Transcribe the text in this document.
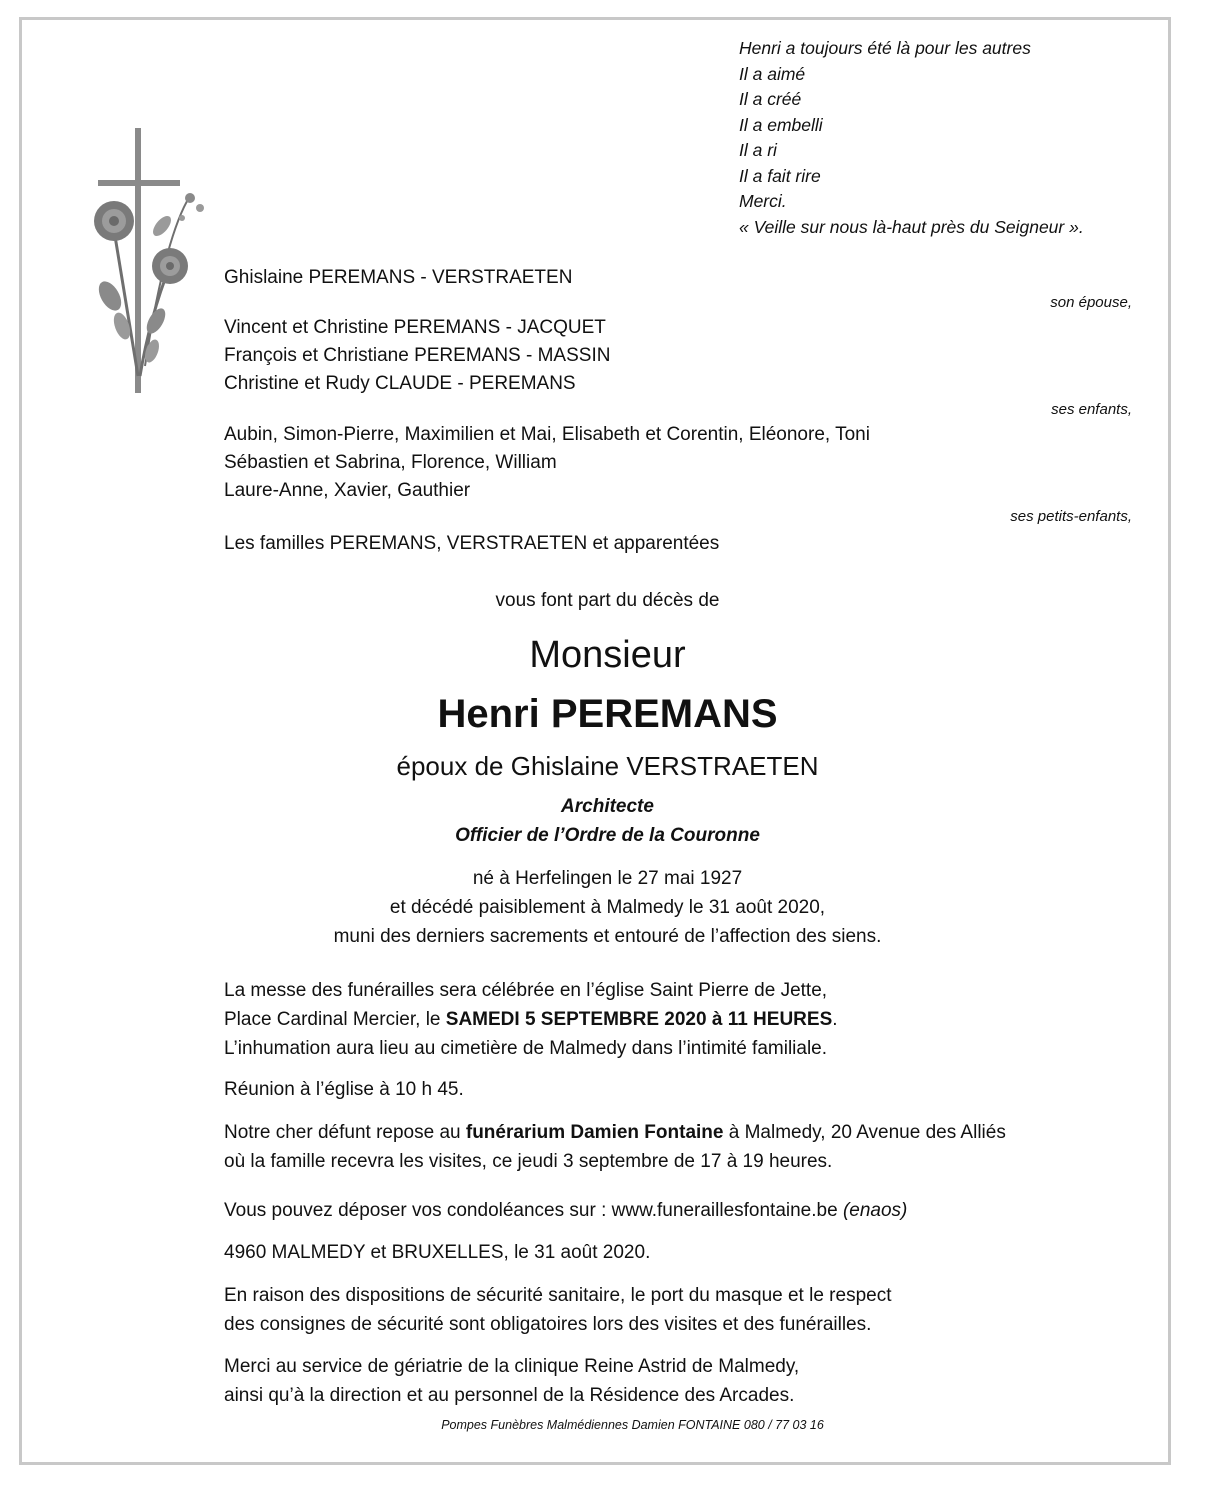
Henri a toujours été là pour les autres
Il a aimé
Il a créé
Il a embelli
Il a ri
Il a fait rire
Merci.
« Veille sur nous là-haut près du Seigneur ».
Ghislaine PEREMANS - VERSTRAETEN
son épouse,
Vincent et Christine PEREMANS - JACQUET
François et Christiane PEREMANS - MASSIN
Christine et Rudy CLAUDE - PEREMANS
ses enfants,
Aubin, Simon-Pierre, Maximilien et Mai, Elisabeth et Corentin, Eléonore, Toni
Sébastien et Sabrina, Florence, William
Laure-Anne, Xavier, Gauthier
ses petits-enfants,
Les familles PEREMANS, VERSTRAETEN et apparentées
vous font part du décès de
Monsieur
Henri PEREMANS
époux de Ghislaine VERSTRAETEN
Architecte
Officier de l’Ordre de la Couronne
né à Herfelingen le 27 mai 1927
et décédé paisiblement à Malmedy le 31 août 2020,
muni des derniers sacrements et entouré de l’affection des siens.
La messe des funérailles sera célébrée en l’église Saint Pierre de Jette,
Place Cardinal Mercier, le SAMEDI 5 SEPTEMBRE 2020 à 11 HEURES.
L’inhumation aura lieu au cimetière de Malmedy dans l’intimité familiale.
Réunion à l’église à 10 h 45.
Notre cher défunt repose au funérarium Damien Fontaine à Malmedy, 20 Avenue des Alliés
où la famille recevra les visites, ce jeudi 3 septembre de 17 à 19 heures.
Vous pouvez déposer vos condoléances sur : www.funeraillesfontaine.be (enaos)
4960 MALMEDY et BRUXELLES, le 31 août 2020.
En raison des dispositions de sécurité sanitaire, le port du masque et le respect
des consignes de sécurité sont obligatoires lors des visites et des funérailles.
Merci au service de gériatrie de la clinique Reine Astrid de Malmedy,
ainsi qu’à la direction et au personnel de la Résidence des Arcades.
Pompes Funèbres Malmédiennes Damien FONTAINE 080 / 77 03 16
